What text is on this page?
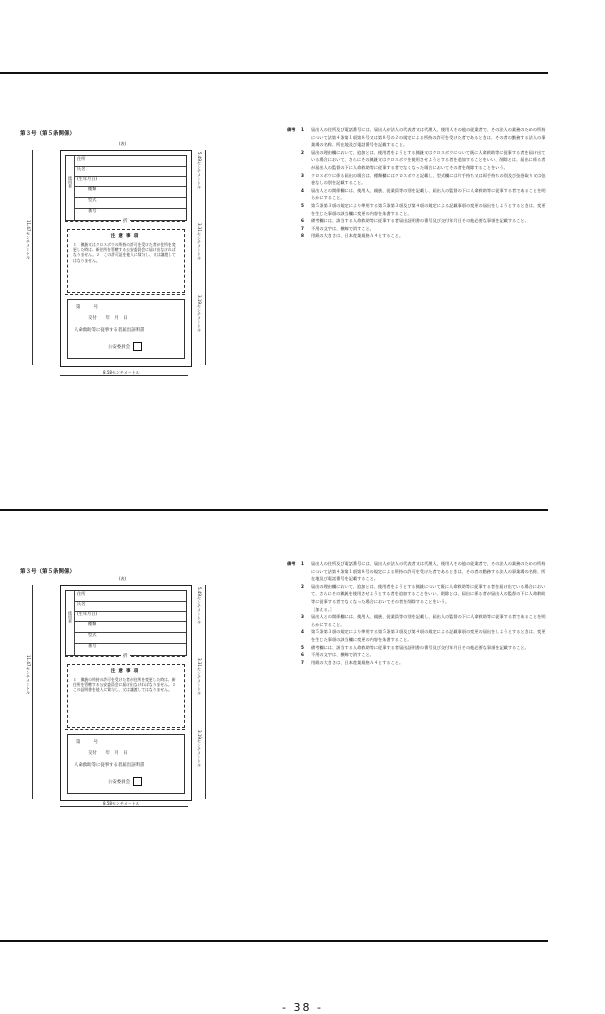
第３号（第５条関係）
11.47センチメートル
8.58センチメートル
5.49センチメートル
3.31センチメートル
3.19センチメートル
(表)
使用者
住所
氏名
(生年月日)
種類
型式
番号
折
注意事項
１　猟銃又はクロスボウの所持の許可を受けた者が住所を変更した時は、新住所を管轄する公安委員会に届け出なければなりません。２　この許可証を他人に貸与し、又は譲渡してはなりません。
第　　　号
交付　　年　月　日
人命救助等に従事する者届出証明書
公安委員会
備考 1 届出人の住所及び電話番号には、届出人が法人の代表者又は代理人、使用人その他の従業者で、その法人の業務のための所持について法第４条第１項第８号又は第８号の２の規定による所持の許可を受けた者であるときは、その者の勤務する法人の事業場の名称、所在地及び電話番号を記載すること。
2 届出の理由欄において、追加とは、使用者をようとする猟銃又はクロスボウについて既に人命救助等に従事する者を届け出ている場合において、さらにその猟銃又はクロスボウを使用させようとする者を追加することをいい、削除とは、届出に係る者が届出人の監督の下に人命救助等に従事する者でなくなった場合においてその者を削除することをいう。
3 クロスボウに係る届出の場合は、種類欄にはクロスボウと記載し、型式欄には片手持ち又は両手持ちの別及び弦巻取り又は弦巻なしの別を記載すること。
4 届出人との関係欄には、使用人、親族、従業員等の別を記載し、届出人の監督の下に人命救助等に従事する者であることを明らかにすること。
5 第５条第３項の規定により準用する第５条第３項及び第４項の規定による記載事項の変更の届出をしようとするときは、変更を生じた事項の該当欄に変更の内容を朱書すること。
6 備考欄には、該当する人命救助等に従事する者届出証明書の番号及び交付年月日その他必要な事項を記載すること。
7 不用の文字は、横線で消すこと。
8 用紙の大きさは、日本産業規格Ａ４とすること。
第３号（第５条関係）
11.47センチメートル
8.58センチメートル
5.49センチメートル
3.31センチメートル
3.19センチメートル
(表)
使用者
住所
氏名
(生年月日)
種類
型式
番号
折
注意事項
１　猟銃の所持の許可を受けた者が住所を変更した時は、新住所を管轄する公安委員会に届け出なければなりません。２　この証明書を他人に貸与し、又は譲渡してはなりません。
第　　　号
交付　　年　月　日
人命救助等に従事する者届出証明書
公安委員会
備考 1 届出人の住所及び電話番号には、届出人が法人の代表者又は代理人、使用人その他の従業者で、その法人の業務のための所持について法第４条第１項第８号の規定による所持の許可を受けた者であるときは、その者の勤務する法人の事業場の名称、所在地及び電話番号を記載すること。
2 届出の理由欄において、追加とは、使用者をようとする猟銃について既に人命救助等に従事する者を届け出ている場合において、さらにその猟銃を使用させようとする者を追加することをいい、削除とは、届出に係る者が届出人の監督の下に人命救助等に従事する者でなくなった場合においてその者を削除することをいう。
［加える。］
3 届出人との関係欄には、使用人、親族、従業員等の別を記載し、届出人の監督の下に人命救助等に従事する者であることを明らかにすること。
4 第５条第３項の規定により準用する第５条第３項及び第４項の規定による記載事項の変更の届出をしようとするときは、変更を生じた事項の該当欄に変更の内容を朱書すること。
5 備考欄には、該当する人命救助等に従事する者届出証明書の番号及び交付年月日その他必要な事項を記載すること。
6 不用の文字は、横線で消すこと。
7 用紙の大きさは、日本産業規格Ａ４とすること。
- 38 -
